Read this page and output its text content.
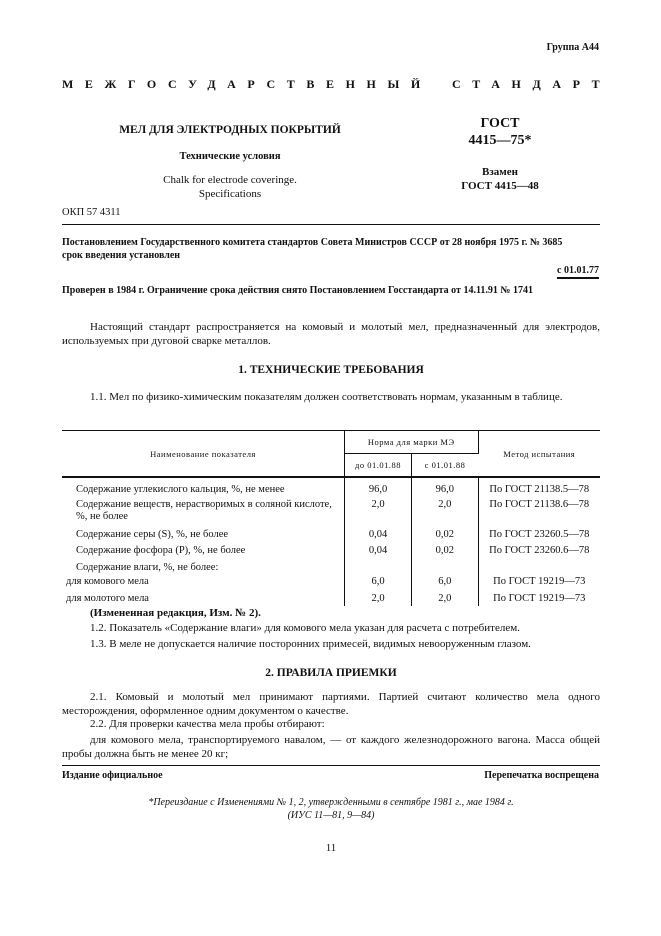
Группа А44
МЕЖГОСУДАРСТВЕННЫЙ СТАНДАРТ
МЕЛ ДЛЯ ЭЛЕКТРОДНЫХ ПОКРЫТИЙ
Технические условия
Chalk for electrode coveringe.
Specifications
ГОСТ
4415—75*
Взамен
ГОСТ 4415—48
ОКП 57 4311
Постановлением Государственного комитета стандартов Совета Министров СССР от 28 ноября 1975 г. № 3685
срок введения установлен
с 01.01.77
Проверен в 1984 г. Ограничение срока действия снято Постановлением Госстандарта от 14.11.91 № 1741
Настоящий стандарт распространяется на комовый и молотый мел, предназначенный для электродов, используемых при дуговой сварке металлов.
1. ТЕХНИЧЕСКИЕ ТРЕБОВАНИЯ
1.1. Мел по физико-химическим показателям должен соответствовать нормам, указанным в таблице.
Наименование показателя	Норма для марки МЭ		Метод испытания
	до 01.01.88	с 01.01.88	

Содержание углекислого кальция, %, не менее	96,0	96,0	По ГОСТ 21138.5—78
Содержание веществ, нерастворимых в соляной кислоте, %, не более	2,0	2,0	По ГОСТ 21138.6—78
Содержание серы (S), %, не более	0,04	0,02	По ГОСТ 23260.5—78
Содержание фосфора (Р), %, не более	0,04	0,02	По ГОСТ 23260.6—78
Содержание влаги, %, не более:			
для комового мела	6,0	6,0	По ГОСТ 19219—73
для молотого мела	2,0	2,0	По ГОСТ 19219—73
(Измененная редакция, Изм. № 2).
1.2. Показатель «Содержание влаги» для комового мела указан для расчета с потребителем.
1.3. В меле не допускается наличие посторонних примесей, видимых невооруженным глазом.
2. ПРАВИЛА ПРИЕМКИ
2.1. Комовый и молотый мел принимают партиями. Партией считают количество мела одного месторождения, оформленное одним документом о качестве.
2.2. Для проверки качества мела пробы отбирают:
для комового мела, транспортируемого навалом, — от каждого железнодорожного вагона. Масса общей пробы должна быть не менее 20 кг;
Издание официальное	Перепечатка воспрещена
*Переиздание с Изменениями № 1, 2, утвержденными в сентябре 1981 г., мае 1984 г.
(ИУС 11—81, 9—84)
11
